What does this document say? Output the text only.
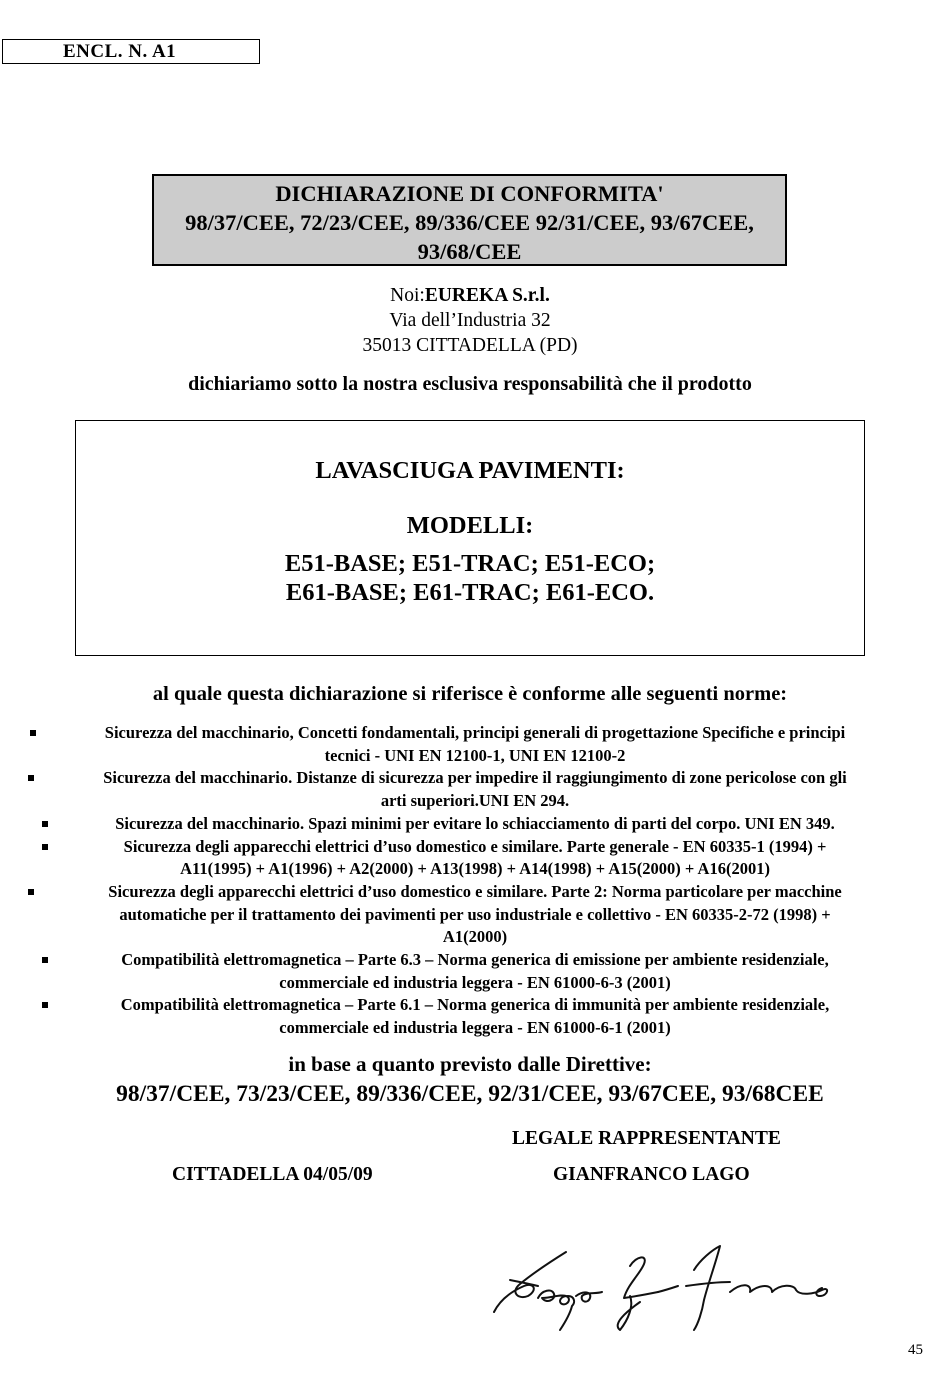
ENCL. N. A1
DICHIARAZIONE DI CONFORMITA'
98/37/CEE, 72/23/CEE, 89/336/CEE 92/31/CEE, 93/67CEE,
93/68/CEE
Noi:EUREKA S.r.l.
Via dell’Industria 32
35013 CITTADELLA (PD)
dichiariamo sotto la nostra esclusiva responsabilità che il prodotto
LAVASCIUGA PAVIMENTI:
MODELLI:
E51-BASE; E51-TRAC; E51-ECO;
E61-BASE; E61-TRAC; E61-ECO.
al quale questa dichiarazione si riferisce è conforme alle seguenti norme:
Sicurezza del macchinario, Concetti fondamentali, principi generali di progettazione Specifiche e principi
tecnici - UNI EN 12100-1, UNI EN 12100-2
Sicurezza del macchinario. Distanze di sicurezza per impedire il raggiungimento di zone pericolose con gli
arti superiori.UNI EN 294.
Sicurezza del macchinario. Spazi minimi per evitare lo schiacciamento di parti del corpo. UNI EN 349.
Sicurezza degli apparecchi elettrici d’uso domestico e similare. Parte generale - EN 60335-1 (1994) +
A11(1995) + A1(1996) + A2(2000) + A13(1998) + A14(1998) + A15(2000) + A16(2001)
Sicurezza degli apparecchi elettrici d’uso domestico e similare. Parte 2: Norma particolare per macchine
automatiche per il trattamento dei pavimenti per uso industriale e collettivo - EN 60335-2-72 (1998) +
A1(2000)
Compatibilità elettromagnetica – Parte 6.3 – Norma generica di emissione per ambiente residenziale,
commerciale ed industria leggera - EN 61000-6-3 (2001)
Compatibilità elettromagnetica – Parte 6.1 – Norma generica di immunità per ambiente residenziale,
commerciale ed industria leggera - EN 61000-6-1 (2001)
in base a quanto previsto dalle Direttive:
98/37/CEE, 73/23/CEE, 89/336/CEE, 92/31/CEE, 93/67CEE, 93/68CEE
LEGALE RAPPRESENTANTE
CITTADELLA 04/05/09	GIANFRANCO LAGO
45
